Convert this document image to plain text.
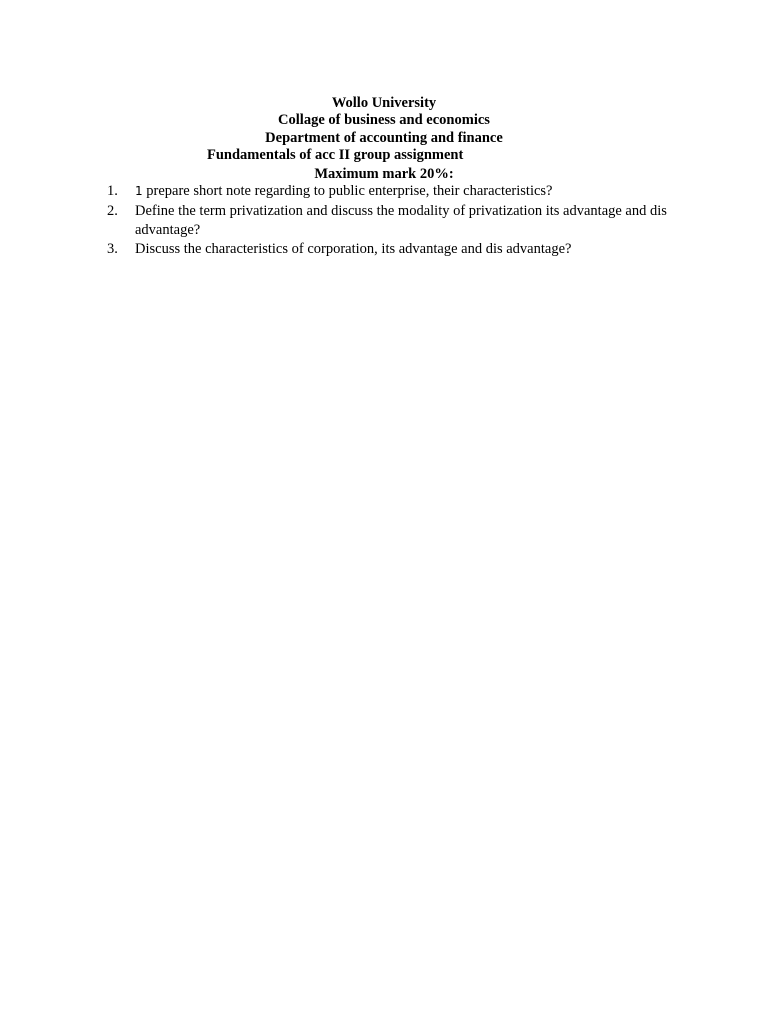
Wollo University
Collage of business and economics
Department of accounting and finance
Fundamentals of acc II group assignment
Maximum mark 20%:
1.	1 prepare short note regarding to public enterprise, their characteristics?
2.	Define the term privatization and discuss the modality of privatization its advantage and dis advantage?
3.	Discuss the characteristics of corporation, its advantage and dis advantage?
